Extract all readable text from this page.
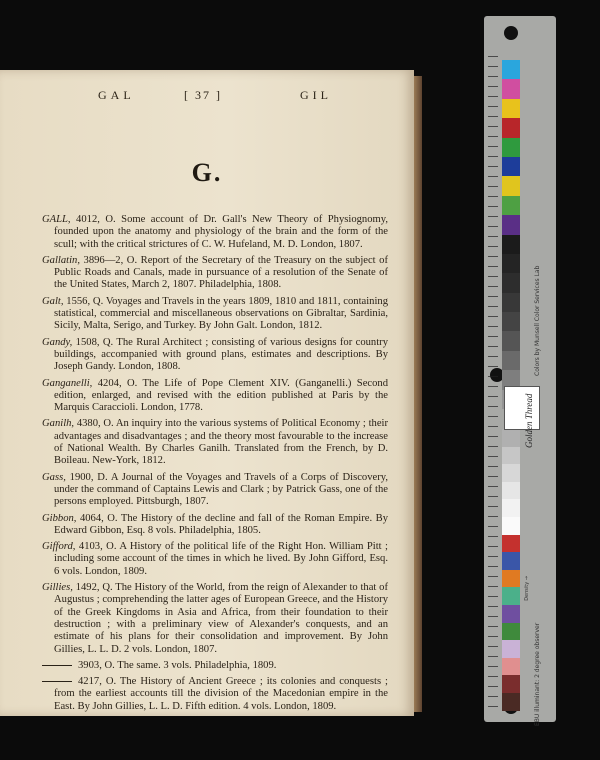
GAL	[ 37 ]	GIL
G.

GALL, 4012, O. Some account of Dr. Gall's New Theory of Physiognomy, founded upon the anatomy and physiology of the brain and the form of the scull; with the critical strictures of C. W. Hufeland, M. D. London, 1807.

Gallatin, 3896—2, O. Report of the Secretary of the Treasury on the subject of Public Roads and Canals, made in pursuance of a resolution of the Senate of the United States, March 2, 1807. Philadelphia, 1808.

Galt, 1556, Q. Voyages and Travels in the years 1809, 1810 and 1811, containing statistical, commercial and miscellaneous observations on Gibraltar, Sardinia, Sicily, Malta, Serigo, and Turkey. By John Galt. London, 1812.

Gandy, 1508, Q. The Rural Architect ; consisting of various designs for country buildings, accompanied with ground plans, estimates and descriptions. By Joseph Gandy. London, 1808.

Ganganelli, 4204, O. The Life of Pope Clement XIV. (Ganganelli.) Second edition, enlarged, and revised with the edition published at Paris by the Marquis Caraccioli. London, 1778.

Ganilh, 4380, O. An inquiry into the various systems of Political Economy ; their advantages and disadvantages ; and the theory most favourable to the increase of National Wealth. By Charles Ganilh. Translated from the French, by D. Boileau. New-York, 1812.

Gass, 1900, D. A Journal of the Voyages and Travels of a Corps of Discovery, under the command of Captains Lewis and Clark ; by Patrick Gass, one of the persons employed. Pittsburgh, 1807.

Gibbon, 4064, O. The History of the decline and fall of the Roman Empire. By Edward Gibbon, Esq. 8 vols. Philadelphia, 1805.

Gifford, 4103, O. A History of the political life of the Right Hon. William Pitt ; including some account of the times in which he lived. By John Gifford, Esq. 6 vols. London, 1809.

Gillies, 1492, Q. The History of the World, from the reign of Alexander to that of Augustus ; comprehending the latter ages of European Greece, and the History of the Greek Kingdoms in Asia and Africa, from their foundation to their destruction ; with a preliminary view of Alexander's conquests, and an estimate of his plans for their consolidation and improvement. By John Gillies, L. L. D. 2 vols. London, 1807.

3903, O. The same. 3 vols. Philadelphia, 1809.

4217, O. The History of Ancient Greece ; its colonies and conquests ; from the earliest accounts till the division of the Macedonian empire in the East. By John Gillies, L. L. D. Fifth edition. 4 vols. London, 1809.

Colors by Munsell Color Services Lab
Golden Thread
EBU illuminant: 2 degree observer
Density →
